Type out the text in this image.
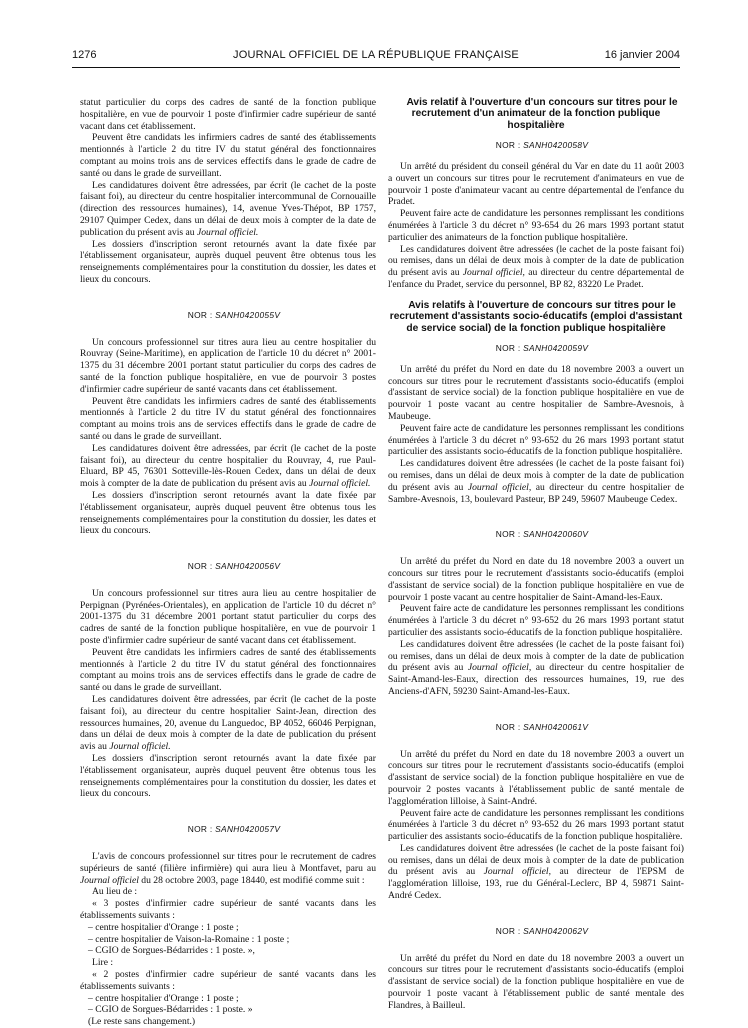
1276	JOURNAL OFFICIEL DE LA RÉPUBLIQUE FRANÇAISE	16 janvier 2004

statut particulier du corps des cadres de santé de la fonction publique hospitalière, en vue de pourvoir 1 poste d'infirmier cadre supérieur de santé vacant dans cet établissement.

Peuvent être candidats les infirmiers cadres de santé des établissements mentionnés à l'article 2 du titre IV du statut général des fonctionnaires comptant au moins trois ans de services effectifs dans le grade de cadre de santé ou dans le grade de surveillant.

Les candidatures doivent être adressées, par écrit (le cachet de la poste faisant foi), au directeur du centre hospitalier intercommunal de Cornouaille (direction des ressources humaines), 14, avenue Yves-Thépot, BP 1757, 29107 Quimper Cedex, dans un délai de deux mois à compter de la date de publication du présent avis au Journal officiel.

Les dossiers d'inscription seront retournés avant la date fixée par l'établissement organisateur, auprès duquel peuvent être obtenus tous les renseignements complémentaires pour la constitution du dossier, les dates et lieux du concours.

NOR : SANH0420055V

Un concours professionnel sur titres aura lieu au centre hospitalier du Rouvray (Seine-Maritime), en application de l'article 10 du décret n° 2001-1375 du 31 décembre 2001 portant statut particulier du corps des cadres de santé de la fonction publique hospitalière, en vue de pourvoir 3 postes d'infirmier cadre supérieur de santé vacants dans cet établissement.

Peuvent être candidats les infirmiers cadres de santé des établissements mentionnés à l'article 2 du titre IV du statut général des fonctionnaires comptant au moins trois ans de services effectifs dans le grade de cadre de santé ou dans le grade de surveillant.

Les candidatures doivent être adressées, par écrit (le cachet de la poste faisant foi), au directeur du centre hospitalier du Rouvray, 4, rue Paul-Eluard, BP 45, 76301 Sotteville-lès-Rouen Cedex, dans un délai de deux mois à compter de la date de publication du présent avis au Journal officiel.

Les dossiers d'inscription seront retournés avant la date fixée par l'établissement organisateur, auprès duquel peuvent être obtenus tous les renseignements complémentaires pour la constitution du dossier, les dates et lieux du concours.

NOR : SANH0420056V

Un concours professionnel sur titres aura lieu au centre hospitalier de Perpignan (Pyrénées-Orientales), en application de l'article 10 du décret n° 2001-1375 du 31 décembre 2001 portant statut particulier du corps des cadres de santé de la fonction publique hospitalière, en vue de pourvoir 1 poste d'infirmier cadre supérieur de santé vacant dans cet établissement.

Peuvent être candidats les infirmiers cadres de santé des établissements mentionnés à l'article 2 du titre IV du statut général des fonctionnaires comptant au moins trois ans de services effectifs dans le grade de cadre de santé ou dans le grade de surveillant.

Les candidatures doivent être adressées, par écrit (le cachet de la poste faisant foi), au directeur du centre hospitalier Saint-Jean, direction des ressources humaines, 20, avenue du Languedoc, BP 4052, 66046 Perpignan, dans un délai de deux mois à compter de la date de publication du présent avis au Journal officiel.

Les dossiers d'inscription seront retournés avant la date fixée par l'établissement organisateur, auprès duquel peuvent être obtenus tous les renseignements complémentaires pour la constitution du dossier, les dates et lieux du concours.

NOR : SANH0420057V

L'avis de concours professionnel sur titres pour le recrutement de cadres supérieurs de santé (filière infirmière) qui aura lieu à Montfavet, paru au Journal officiel du 28 octobre 2003, page 18440, est modifié comme suit :

Au lieu de :

« 3 postes d'infirmier cadre supérieur de santé vacants dans les établissements suivants :

– centre hospitalier d'Orange : 1 poste ;

– centre hospitalier de Vaison-la-Romaine : 1 poste ;

– CGIO de Sorgues-Bédarrides : 1 poste. »,

Lire :

« 2 postes d'infirmier cadre supérieur de santé vacants dans les établissements suivants :

– centre hospitalier d'Orange : 1 poste ;

– CGIO de Sorgues-Bédarrides : 1 poste. »

(Le reste sans changement.)

Avis relatif à l'ouverture d'un concours sur titres pour le recrutement d'un animateur de la fonction publique hospitalière

NOR : SANH0420058V

Un arrêté du président du conseil général du Var en date du 11 août 2003 a ouvert un concours sur titres pour le recrutement d'animateurs en vue de pourvoir 1 poste d'animateur vacant au centre départemental de l'enfance du Pradet.

Peuvent faire acte de candidature les personnes remplissant les conditions énumérées à l'article 3 du décret n° 93-654 du 26 mars 1993 portant statut particulier des animateurs de la fonction publique hospitalière.

Les candidatures doivent être adressées (le cachet de la poste faisant foi) ou remises, dans un délai de deux mois à compter de la date de publication du présent avis au Journal officiel, au directeur du centre départemental de l'enfance du Pradet, service du personnel, BP 82, 83220 Le Pradet.

Avis relatifs à l'ouverture de concours sur titres pour le recrutement d'assistants socio-éducatifs (emploi d'assistant de service social) de la fonction publique hospitalière

NOR : SANH0420059V

Un arrêté du préfet du Nord en date du 18 novembre 2003 a ouvert un concours sur titres pour le recrutement d'assistants socio-éducatifs (emploi d'assistant de service social) de la fonction publique hospitalière en vue de pourvoir 1 poste vacant au centre hospitalier de Sambre-Avesnois, à Maubeuge.

Peuvent faire acte de candidature les personnes remplissant les conditions énumérées à l'article 3 du décret n° 93-652 du 26 mars 1993 portant statut particulier des assistants socio-éducatifs de la fonction publique hospitalière.

Les candidatures doivent être adressées (le cachet de la poste faisant foi) ou remises, dans un délai de deux mois à compter de la date de publication du présent avis au Journal officiel, au directeur du centre hospitalier de Sambre-Avesnois, 13, boulevard Pasteur, BP 249, 59607 Maubeuge Cedex.

NOR : SANH0420060V

Un arrêté du préfet du Nord en date du 18 novembre 2003 a ouvert un concours sur titres pour le recrutement d'assistants socio-éducatifs (emploi d'assistant de service social) de la fonction publique hospitalière en vue de pourvoir 1 poste vacant au centre hospitalier de Saint-Amand-les-Eaux.

Peuvent faire acte de candidature les personnes remplissant les conditions énumérées à l'article 3 du décret n° 93-652 du 26 mars 1993 portant statut particulier des assistants socio-éducatifs de la fonction publique hospitalière.

Les candidatures doivent être adressées (le cachet de la poste faisant foi) ou remises, dans un délai de deux mois à compter de la date de publication du présent avis au Journal officiel, au directeur du centre hospitalier de Saint-Amand-les-Eaux, direction des ressources humaines, 19, rue des Anciens-d'AFN, 59230 Saint-Amand-les-Eaux.

NOR : SANH0420061V

Un arrêté du préfet du Nord en date du 18 novembre 2003 a ouvert un concours sur titres pour le recrutement d'assistants socio-éducatifs (emploi d'assistant de service social) de la fonction publique hospitalière en vue de pourvoir 2 postes vacants à l'établissement public de santé mentale de l'agglomération lilloise, à Saint-André.

Peuvent faire acte de candidature les personnes remplissant les conditions énumérées à l'article 3 du décret n° 93-652 du 26 mars 1993 portant statut particulier des assistants socio-éducatifs de la fonction publique hospitalière.

Les candidatures doivent être adressées (le cachet de la poste faisant foi) ou remises, dans un délai de deux mois à compter de la date de publication du présent avis au Journal officiel, au directeur de l'EPSM de l'agglomération lilloise, 193, rue du Général-Leclerc, BP 4, 59871 Saint-André Cedex.

NOR : SANH0420062V

Un arrêté du préfet du Nord en date du 18 novembre 2003 a ouvert un concours sur titres pour le recrutement d'assistants socio-éducatifs (emploi d'assistant de service social) de la fonction publique hospitalière en vue de pourvoir 1 poste vacant à l'établissement public de santé mentale des Flandres, à Bailleul.
